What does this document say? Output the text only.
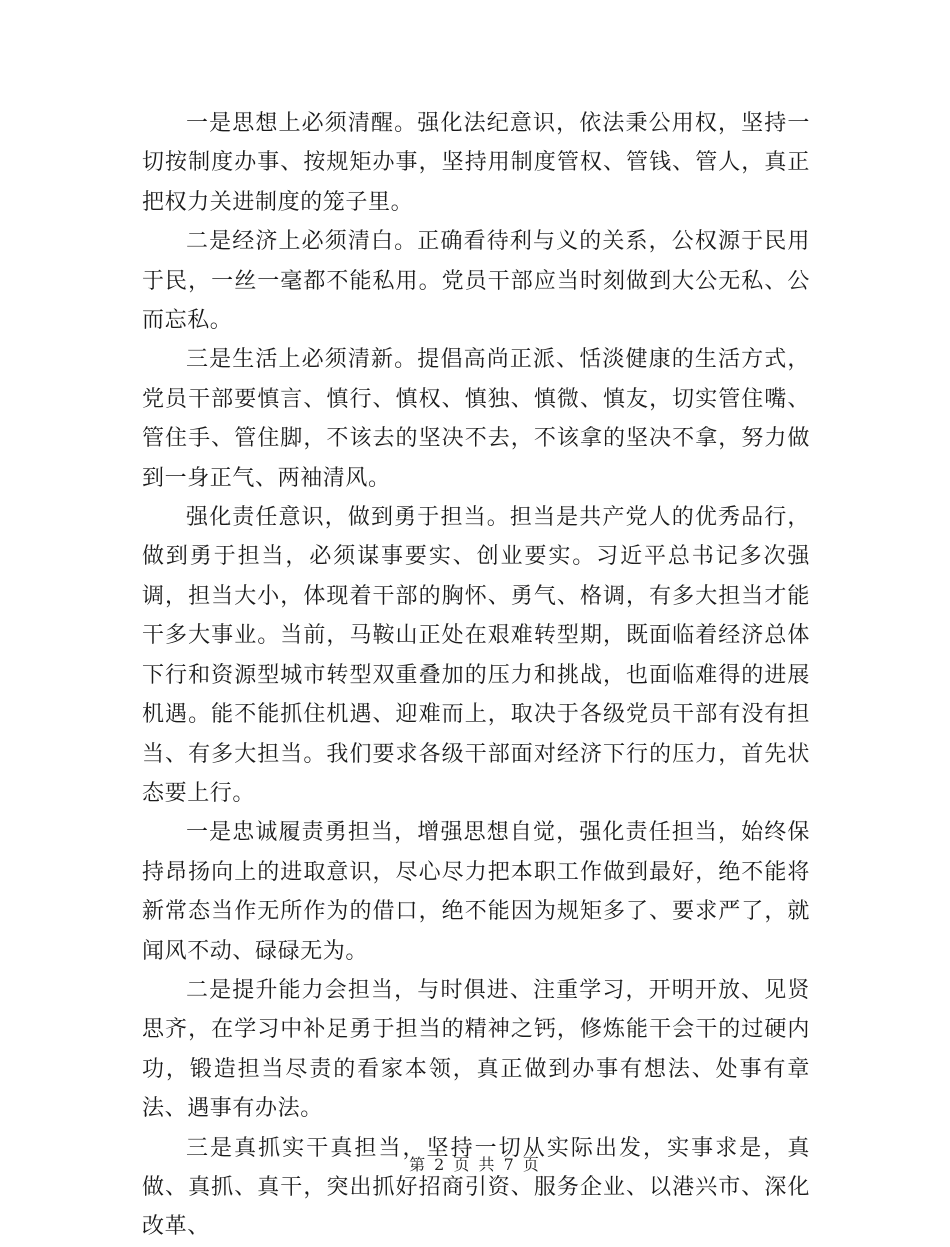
一是思想上必须清醒。强化法纪意识，依法秉公用权，坚持一切按制度办事、按规矩办事，坚持用制度管权、管钱、管人，真正把权力关进制度的笼子里。

二是经济上必须清白。正确看待利与义的关系，公权源于民用于民，一丝一毫都不能私用。党员干部应当时刻做到大公无私、公而忘私。

三是生活上必须清新。提倡高尚正派、恬淡健康的生活方式，党员干部要慎言、慎行、慎权、慎独、慎微、慎友，切实管住嘴、管住手、管住脚，不该去的坚决不去，不该拿的坚决不拿，努力做到一身正气、两袖清风。

强化责任意识，做到勇于担当。担当是共产党人的优秀品行，做到勇于担当，必须谋事要实、创业要实。习近平总书记多次强调，担当大小，体现着干部的胸怀、勇气、格调，有多大担当才能干多大事业。当前，马鞍山正处在艰难转型期，既面临着经济总体下行和资源型城市转型双重叠加的压力和挑战，也面临难得的进展机遇。能不能抓住机遇、迎难而上，取决于各级党员干部有没有担当、有多大担当。我们要求各级干部面对经济下行的压力，首先状态要上行。

一是忠诚履责勇担当，增强思想自觉，强化责任担当，始终保持昂扬向上的进取意识，尽心尽力把本职工作做到最好，绝不能将新常态当作无所作为的借口，绝不能因为规矩多了、要求严了，就闻风不动、碌碌无为。

二是提升能力会担当，与时俱进、注重学习，开明开放、见贤思齐，在学习中补足勇于担当的精神之钙，修炼能干会干的过硬内功，锻造担当尽责的看家本领，真正做到办事有想法、处事有章法、遇事有办法。

三是真抓实干真担当，坚持一切从实际出发，实事求是，真做、真抓、真干，突出抓好招商引资、服务企业、以港兴市、深化改革、

第 2 页 共 7 页
